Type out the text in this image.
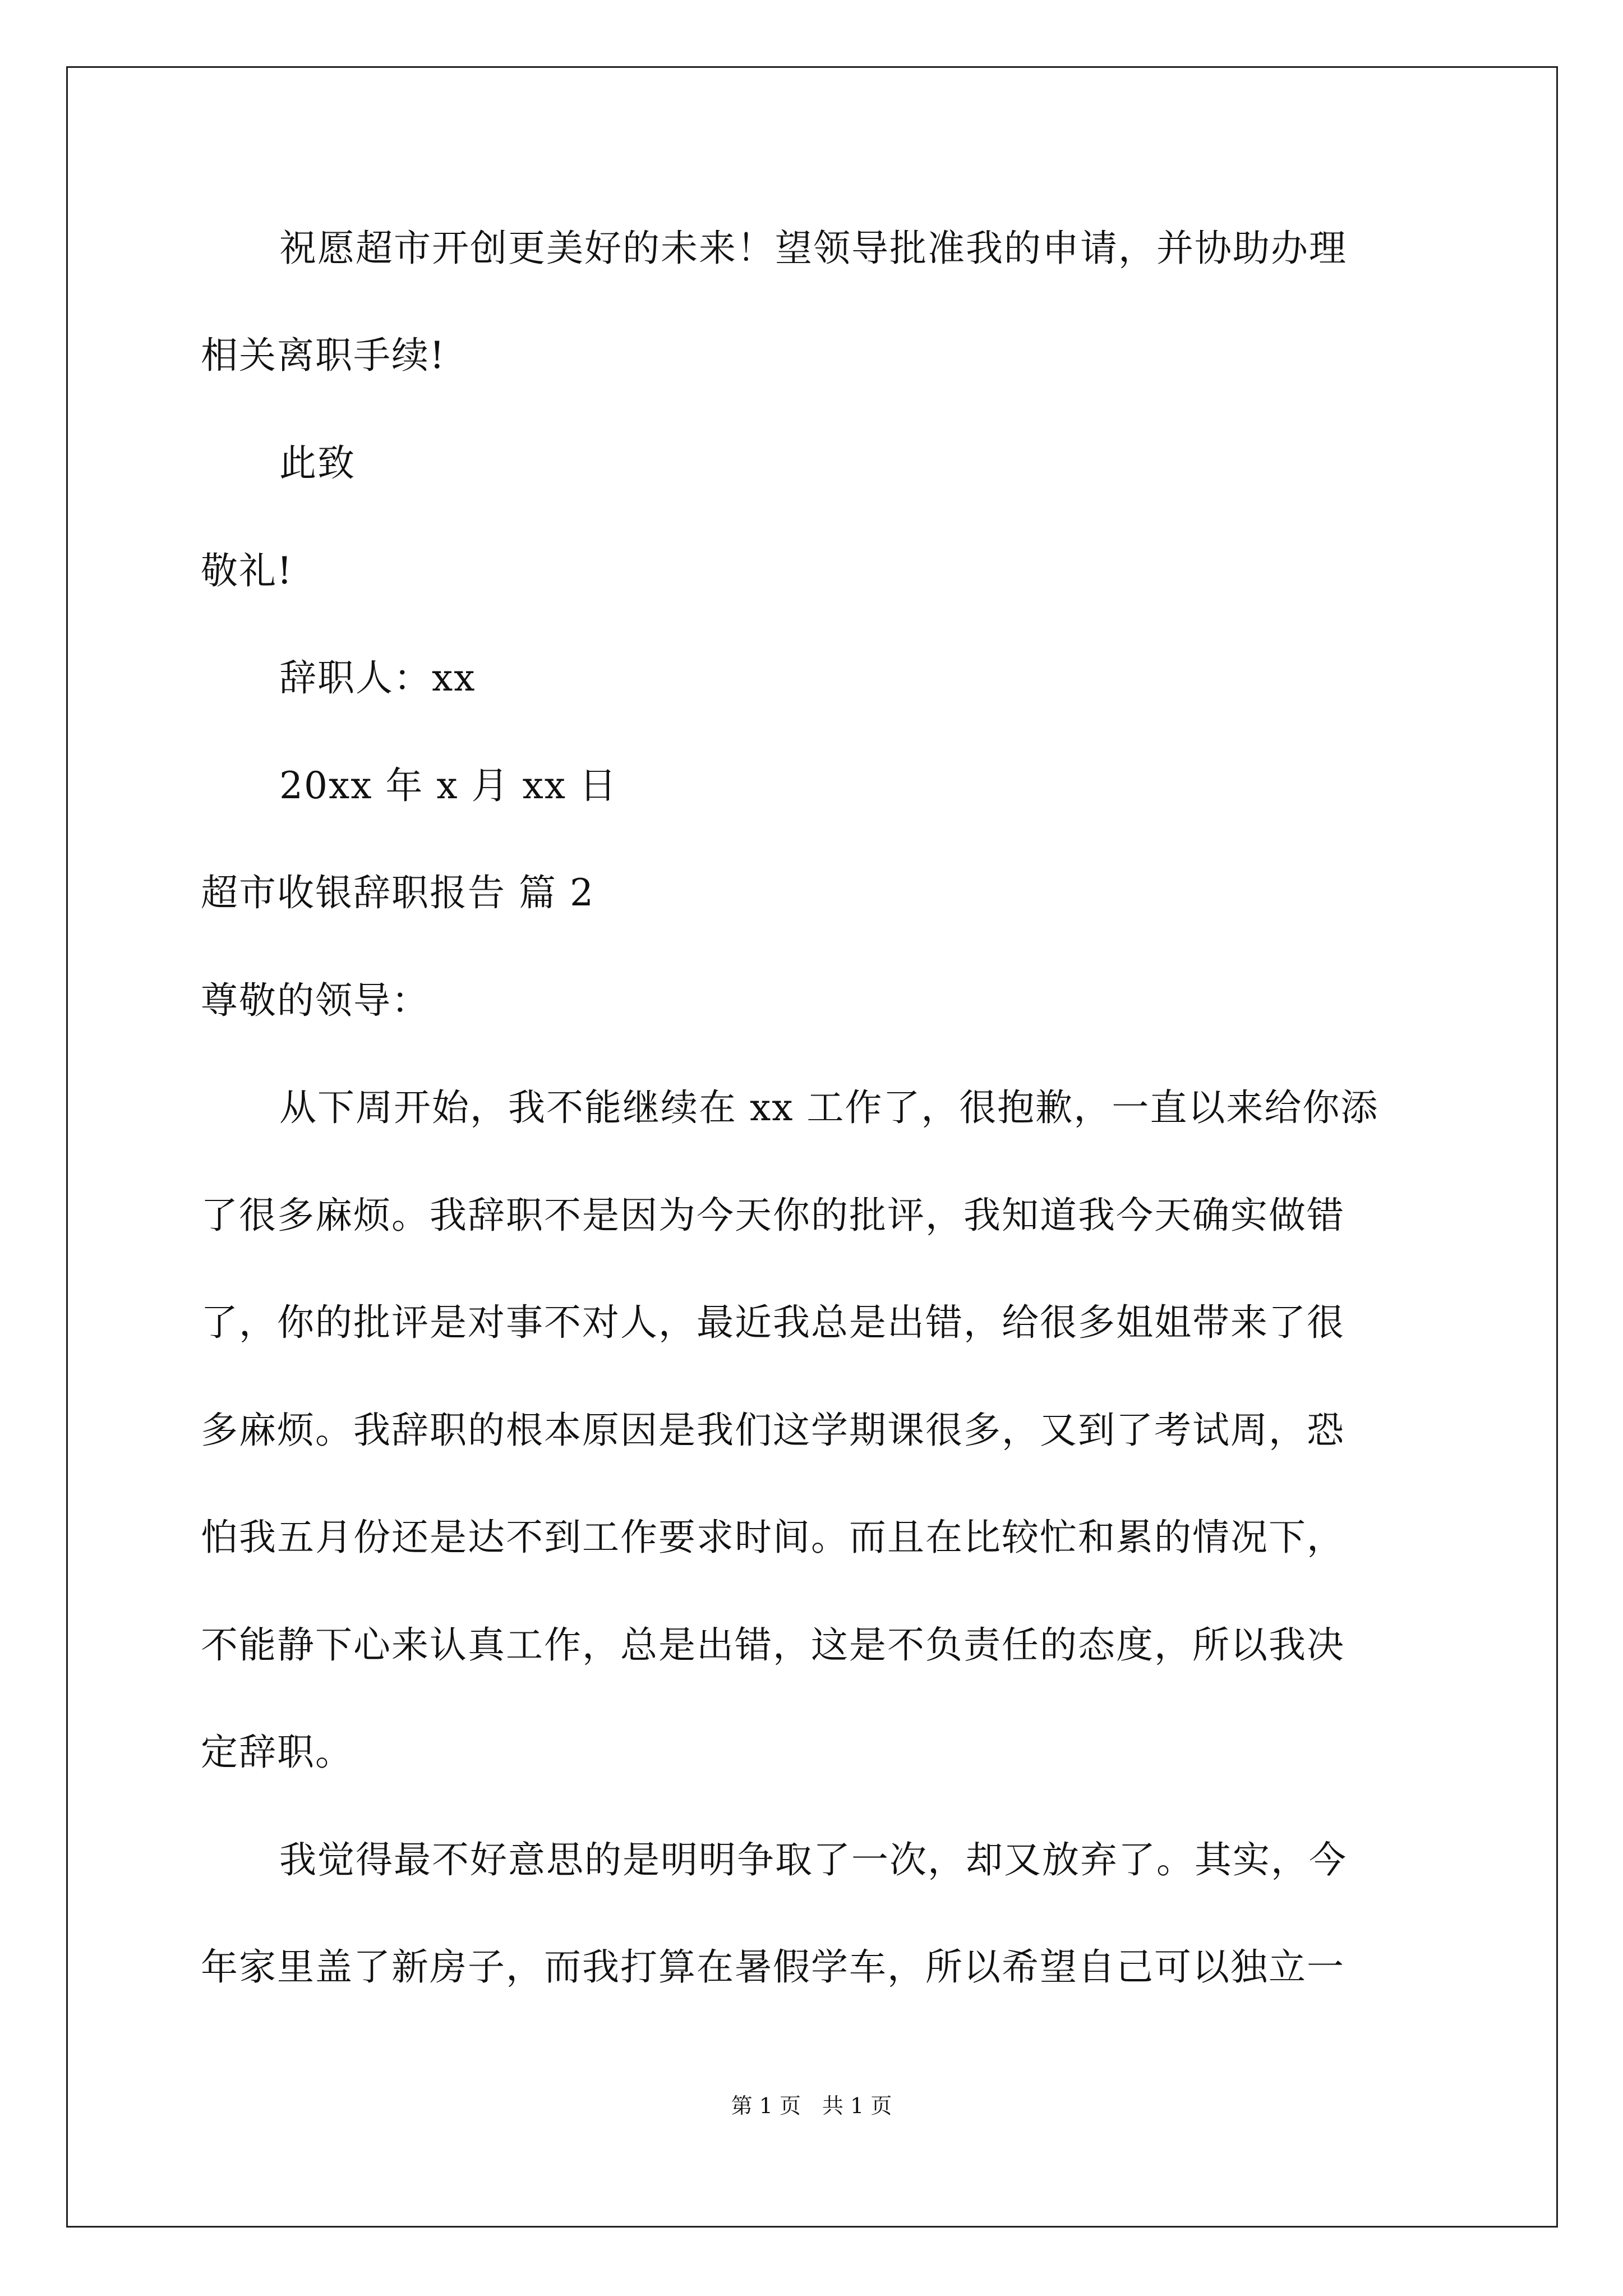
祝愿超市开创更美好的未来！望领导批准我的申请，并协助办理
相关离职手续!
此致
敬礼!
辞职人：xx
20xx 年 x 月 xx 日
超市收银辞职报告 篇 2
尊敬的领导：
从下周开始，我不能继续在 xx 工作了，很抱歉，一直以来给你添
了很多麻烦。我辞职不是因为今天你的批评，我知道我今天确实做错
了，你的批评是对事不对人，最近我总是出错，给很多姐姐带来了很
多麻烦。我辞职的根本原因是我们这学期课很多，又到了考试周，恐
怕我五月份还是达不到工作要求时间。而且在比较忙和累的情况下，
不能静下心来认真工作，总是出错，这是不负责任的态度，所以我决
定辞职。
我觉得最不好意思的是明明争取了一次，却又放弃了。其实，今
年家里盖了新房子，而我打算在暑假学车，所以希望自己可以独立一
第 1 页　共 1 页
